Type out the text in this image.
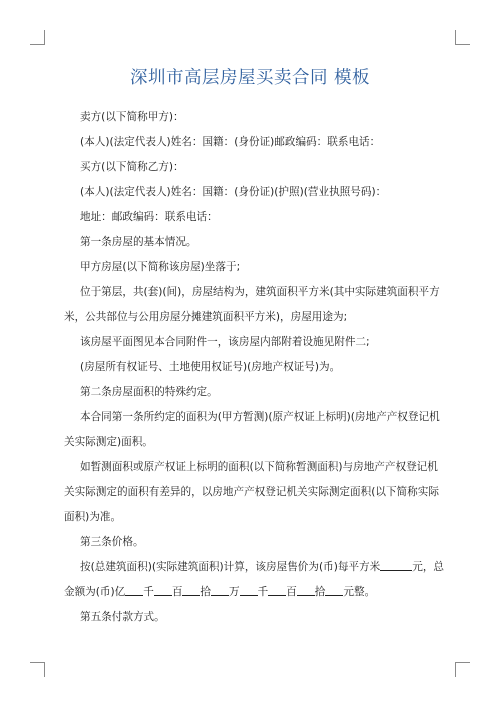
深圳市高层房屋买卖合同 模板

卖方(以下简称甲方)：

(本人)(法定代表人)姓名：国籍：(身份证)邮政编码：联系电话：

买方(以下简称乙方)：

(本人)(法定代表人)姓名：国籍：(身份证)(护照)(营业执照号码)：

地址：邮政编码：联系电话：

第一条房屋的基本情况。

甲方房屋(以下简称该房屋)坐落于;

位于第层，共(套)(间)，房屋结构为，建筑面积平方米(其中实际建筑面积平方米，公共部位与公用房屋分摊建筑面积平方米)，房屋用途为;

该房屋平面图见本合同附件一，该房屋内部附着设施见附件二;

(房屋所有权证号、土地使用权证号)(房地产权证号)为。

第二条房屋面积的特殊约定。

本合同第一条所约定的面积为(甲方暂测)(原产权证上标明)(房地产产权登记机关实际测定)面积。

如暂测面积或原产权证上标明的面积(以下简称暂测面积)与房地产产权登记机关实际测定的面积有差异的，以房地产产权登记机关实际测定面积(以下简称实际面积)为准。

第三条价格。

按(总建筑面积)(实际建筑面积)计算，该房屋售价为(币)每平方米	元，总

金额为(币)亿 千 百 拾 万 千 百 拾 元整。

第五条付款方式。
